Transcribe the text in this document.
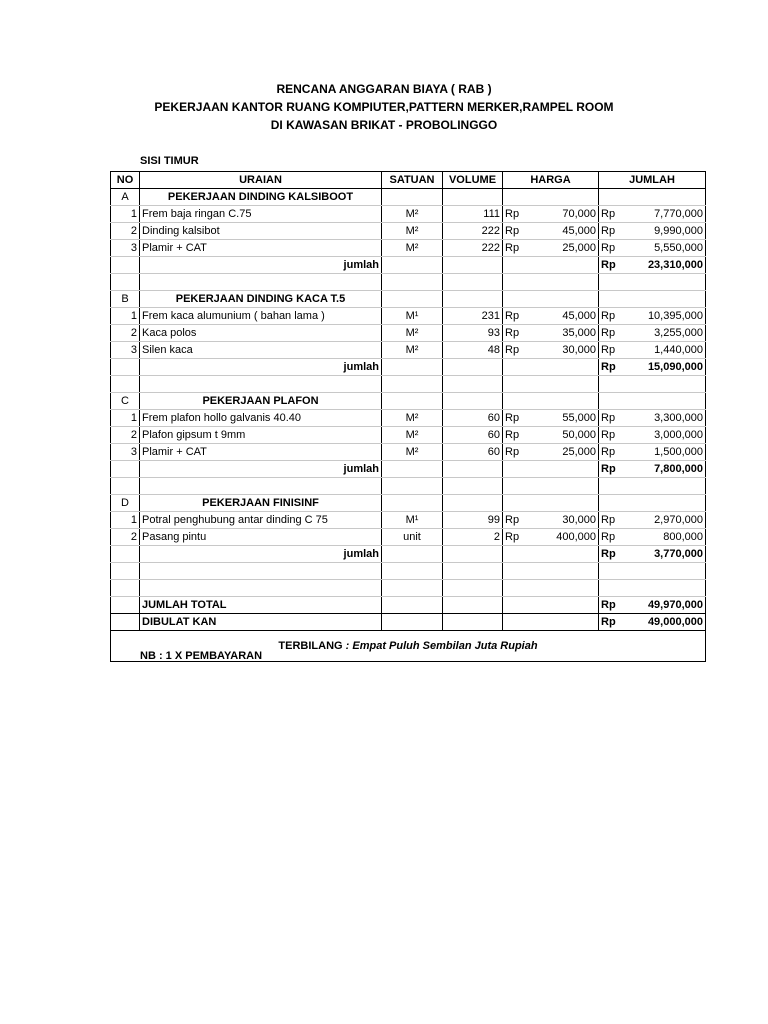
RENCANA ANGGARAN BIAYA ( RAB )
PEKERJAAN KANTOR RUANG KOMPIUTER,PATTERN MERKER,RAMPEL ROOM
DI KAWASAN BRIKAT - PROBOLINGGO
SISI TIMUR
NO	URAIAN	SATUAN	VOLUME	HARGA		JUMLAH	
A	PEKERJAAN DINDING KALSIBOOT						
1	Frem baja ringan C.75	M²	111	Rp	70,000	Rp	7,770,000
2	Dinding kalsibot	M²	222	Rp	45,000	Rp	9,990,000
3	Plamir + CAT	M²	222	Rp	25,000	Rp	5,550,000
	jumlah					Rp	23,310,000

B	PEKERJAAN DINDING KACA T.5						
1	Frem kaca alumunium ( bahan lama )	M¹	231	Rp	45,000	Rp	10,395,000
2	Kaca polos	M²	93	Rp	35,000	Rp	3,255,000
3	Silen kaca	M²	48	Rp	30,000	Rp	1,440,000
	jumlah					Rp	15,090,000

C	PEKERJAAN PLAFON						
1	Frem plafon hollo galvanis 40.40	M²	60	Rp	55,000	Rp	3,300,000
2	Plafon gipsum t 9mm	M²	60	Rp	50,000	Rp	3,000,000
3	Plamir + CAT	M²	60	Rp	25,000	Rp	1,500,000
	jumlah					Rp	7,800,000

D	PEKERJAAN FINISINF						
1	Potral penghubung antar dinding C 75	M¹	99	Rp	30,000	Rp	2,970,000
2	Pasang pintu	unit	2	Rp	400,000	Rp	800,000
	jumlah					Rp	3,770,000

	JUMLAH TOTAL					Rp	49,970,000
	DIBULAT KAN					Rp	49,000,000
TERBILANG : Empat Puluh Sembilan Juta Rupiah							
NB : 1 X PEMBAYARAN
